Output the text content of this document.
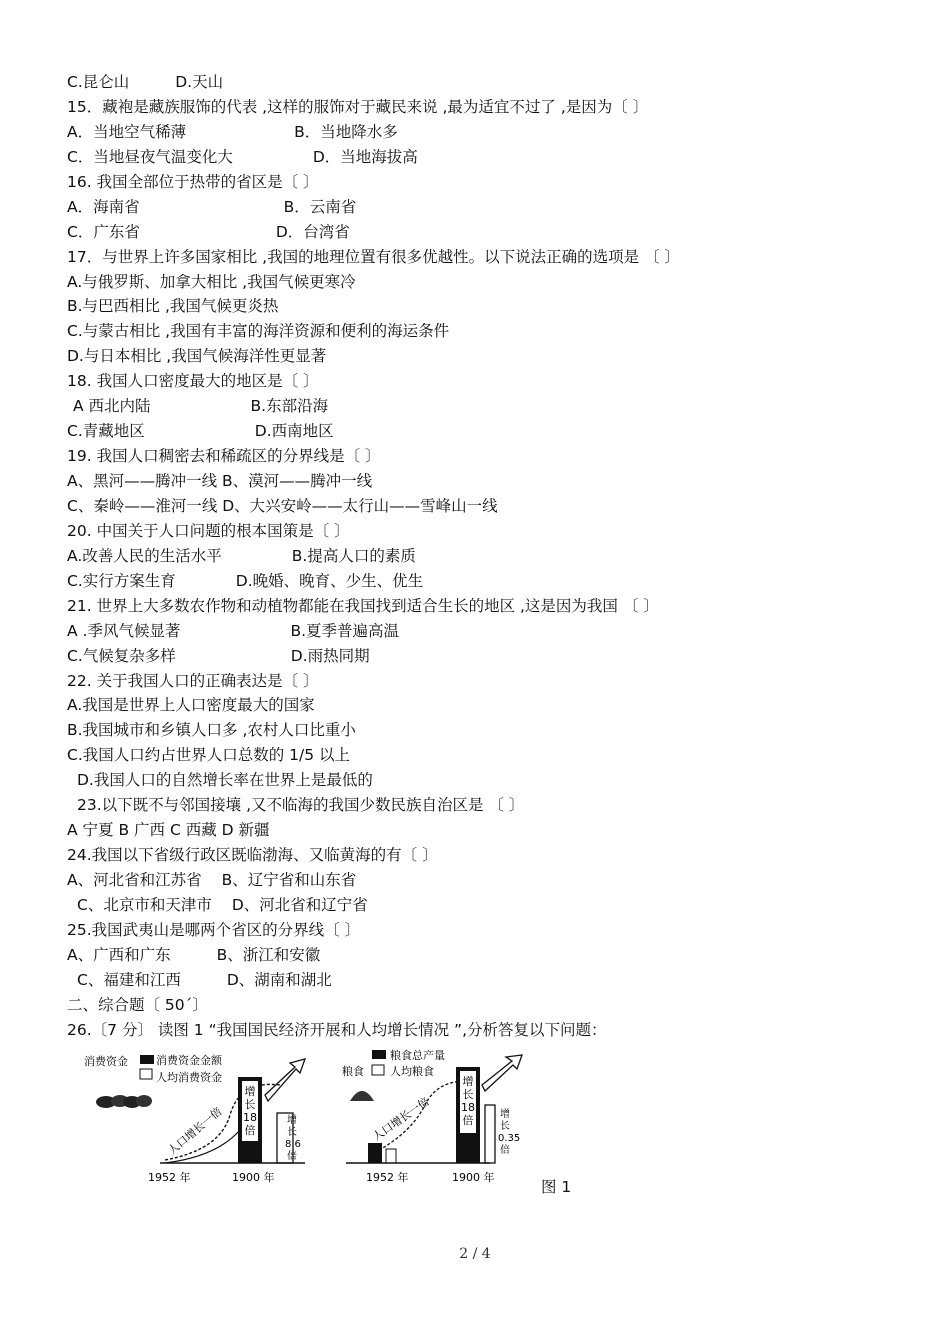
C.昆仑山	D.天山
15．藏袍是藏族服饰的代表 ,这样的服饰对于藏民来说 ,最为适宜不过了 ,是因为〔 〕
A．当地空气稀薄	B．当地降水多
C．当地昼夜气温变化大	D．当地海拔高
16. 我国全部位于热带的省区是〔 〕
A．海南省	B．云南省
C．广东省	D．台湾省
17．与世界上许多国家相比 ,我国的地理位置有很多优越性。以下说法正确的选项是 〔 〕
A.与俄罗斯、加拿大相比 ,我国气候更寒冷
B.与巴西相比 ,我国气候更炎热
C.与蒙古相比 ,我国有丰富的海洋资源和便利的海运条件
D.与日本相比 ,我国气候海洋性更显著
18. 我国人口密度最大的地区是〔 〕
A 西北内陆	B.东部沿海
C.青藏地区	D.西南地区
19. 我国人口稠密去和稀疏区的分界线是〔 〕
A、黑河——腾冲一线 B、漠河——腾冲一线
C、秦岭——淮河一线 D、大兴安岭——太行山——雪峰山一线
20. 中国关于人口问题的根本国策是〔 〕
A.改善人民的生活水平	B.提高人口的素质
C.实行方案生育	D.晚婚、晚育、少生、优生
21. 世界上大多数农作物和动植物都能在我国找到适合生长的地区 ,这是因为我国 〔 〕
A .季风气候显著	B.夏季普遍高温
C.气候复杂多样	D.雨热同期
22. 关于我国人口的正确表达是〔 〕
A.我国是世界上人口密度最大的国家
B.我国城市和乡镇人口多 ,农村人口比重小
C.我国人口约占世界人口总数的 1/5 以上
D.我国人口的自然增长率在世界上是最低的
23.以下既不与邻国接壤 ,又不临海的我国少数民族自治区是 〔 〕
A 宁夏 B 广西 C 西藏 D 新疆
24.我国以下省级行政区既临渤海、又临黄海的有〔 〕
A、河北省和江苏省 B、辽宁省和山东省
C、北京市和天津市 D、河北省和辽宁省
25.我国武夷山是哪两个省区的分界线〔 〕
A、广西和广东	B、浙江和安徽
C、福建和江西	D、湖南和湖北
二、综合题〔 50´〕
26.〔7 分〕 读图 1 “我国国民经济开展和人均增长情况 ”,分析答复以下问题：
消费资金	消费资金金额
人均消费资金
人口增长一倍
增
长
18
倍
增
长
8.6
倍
1952 年	1900 年
粮食总产量
粮食 人均粮食
人口增长一倍
增
长
18
倍	增
长
0.35
倍
1952 年	1900 年
图 1
2 / 4
